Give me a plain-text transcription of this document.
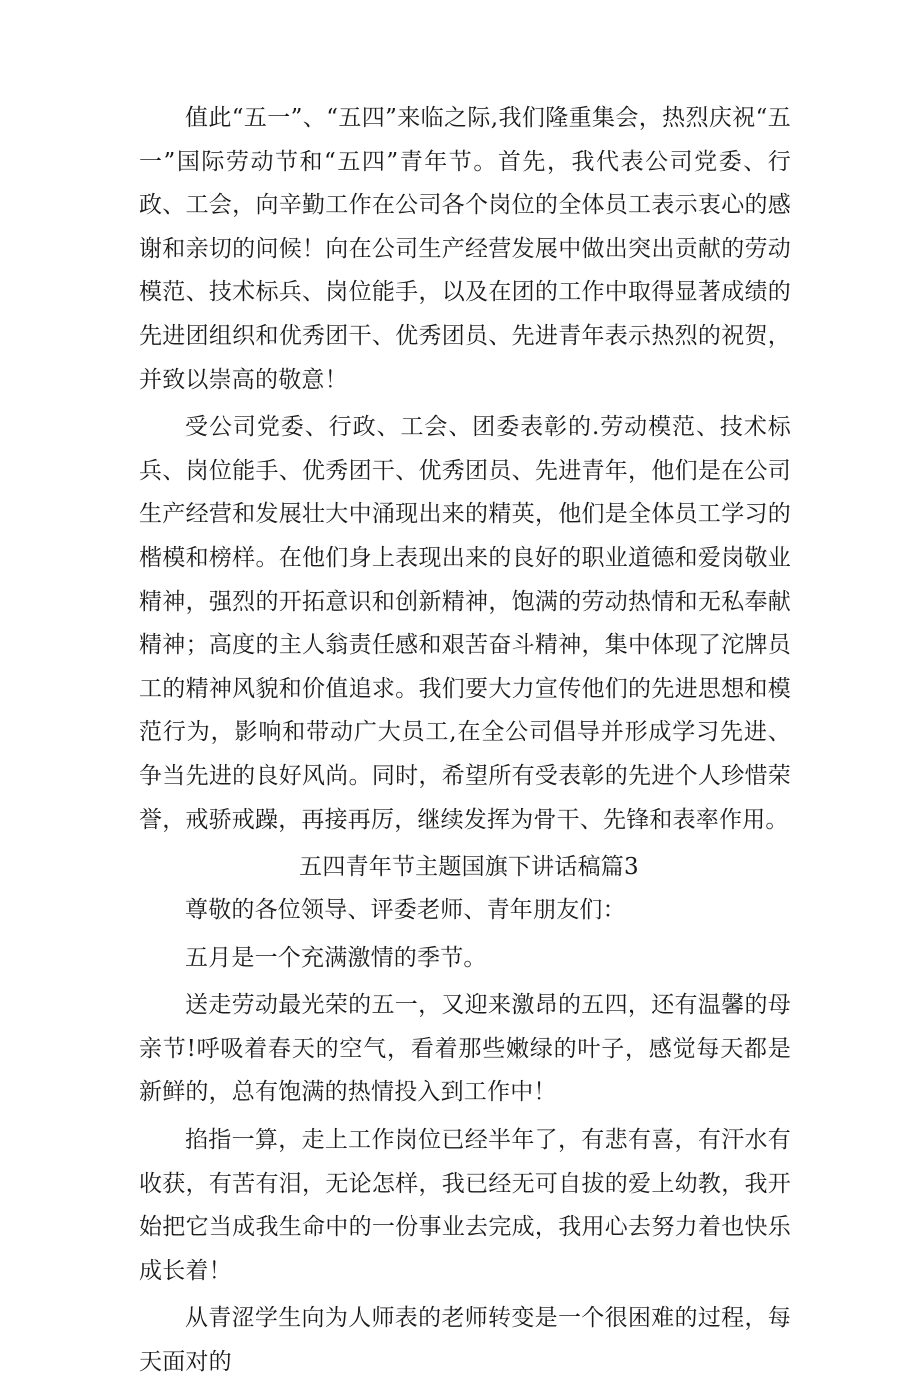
值此“五一”、“五四”来临之际,我们隆重集会，热烈庆祝“五一”国际劳动节和“五四”青年节。首先，我代表公司党委、行政、工会，向辛勤工作在公司各个岗位的全体员工表示衷心的感谢和亲切的问候！向在公司生产经营发展中做出突出贡献的劳动模范、技术标兵、岗位能手，以及在团的工作中取得显著成绩的先进团组织和优秀团干、优秀团员、先进青年表示热烈的祝贺，并致以崇高的敬意！

受公司党委、行政、工会、团委表彰的.劳动模范、技术标兵、岗位能手、优秀团干、优秀团员、先进青年，他们是在公司生产经营和发展壮大中涌现出来的精英，他们是全体员工学习的楷模和榜样。在他们身上表现出来的良好的职业道德和爱岗敬业精神，强烈的开拓意识和创新精神，饱满的劳动热情和无私奉献精神；高度的主人翁责任感和艰苦奋斗精神，集中体现了沱牌员工的精神风貌和价值追求。我们要大力宣传他们的先进思想和模范行为，影响和带动广大员工,在全公司倡导并形成学习先进、争当先进的良好风尚。同时，希望所有受表彰的先进个人珍惜荣誉，戒骄戒躁，再接再厉，继续发挥为骨干、先锋和表率作用。

五四青年节主题国旗下讲话稿篇3

尊敬的各位领导、评委老师、青年朋友们：

五月是一个充满激情的季节。

送走劳动最光荣的五一，又迎来激昂的五四，还有温馨的母亲节!呼吸着春天的空气，看着那些嫩绿的叶子，感觉每天都是新鲜的，总有饱满的热情投入到工作中！

掐指一算，走上工作岗位已经半年了，有悲有喜，有汗水有收获，有苦有泪，无论怎样，我已经无可自拔的爱上幼教，我开始把它当成我生命中的一份事业去完成，我用心去努力着也快乐成长着！

从青涩学生向为人师表的老师转变是一个很困难的过程，每天面对的
